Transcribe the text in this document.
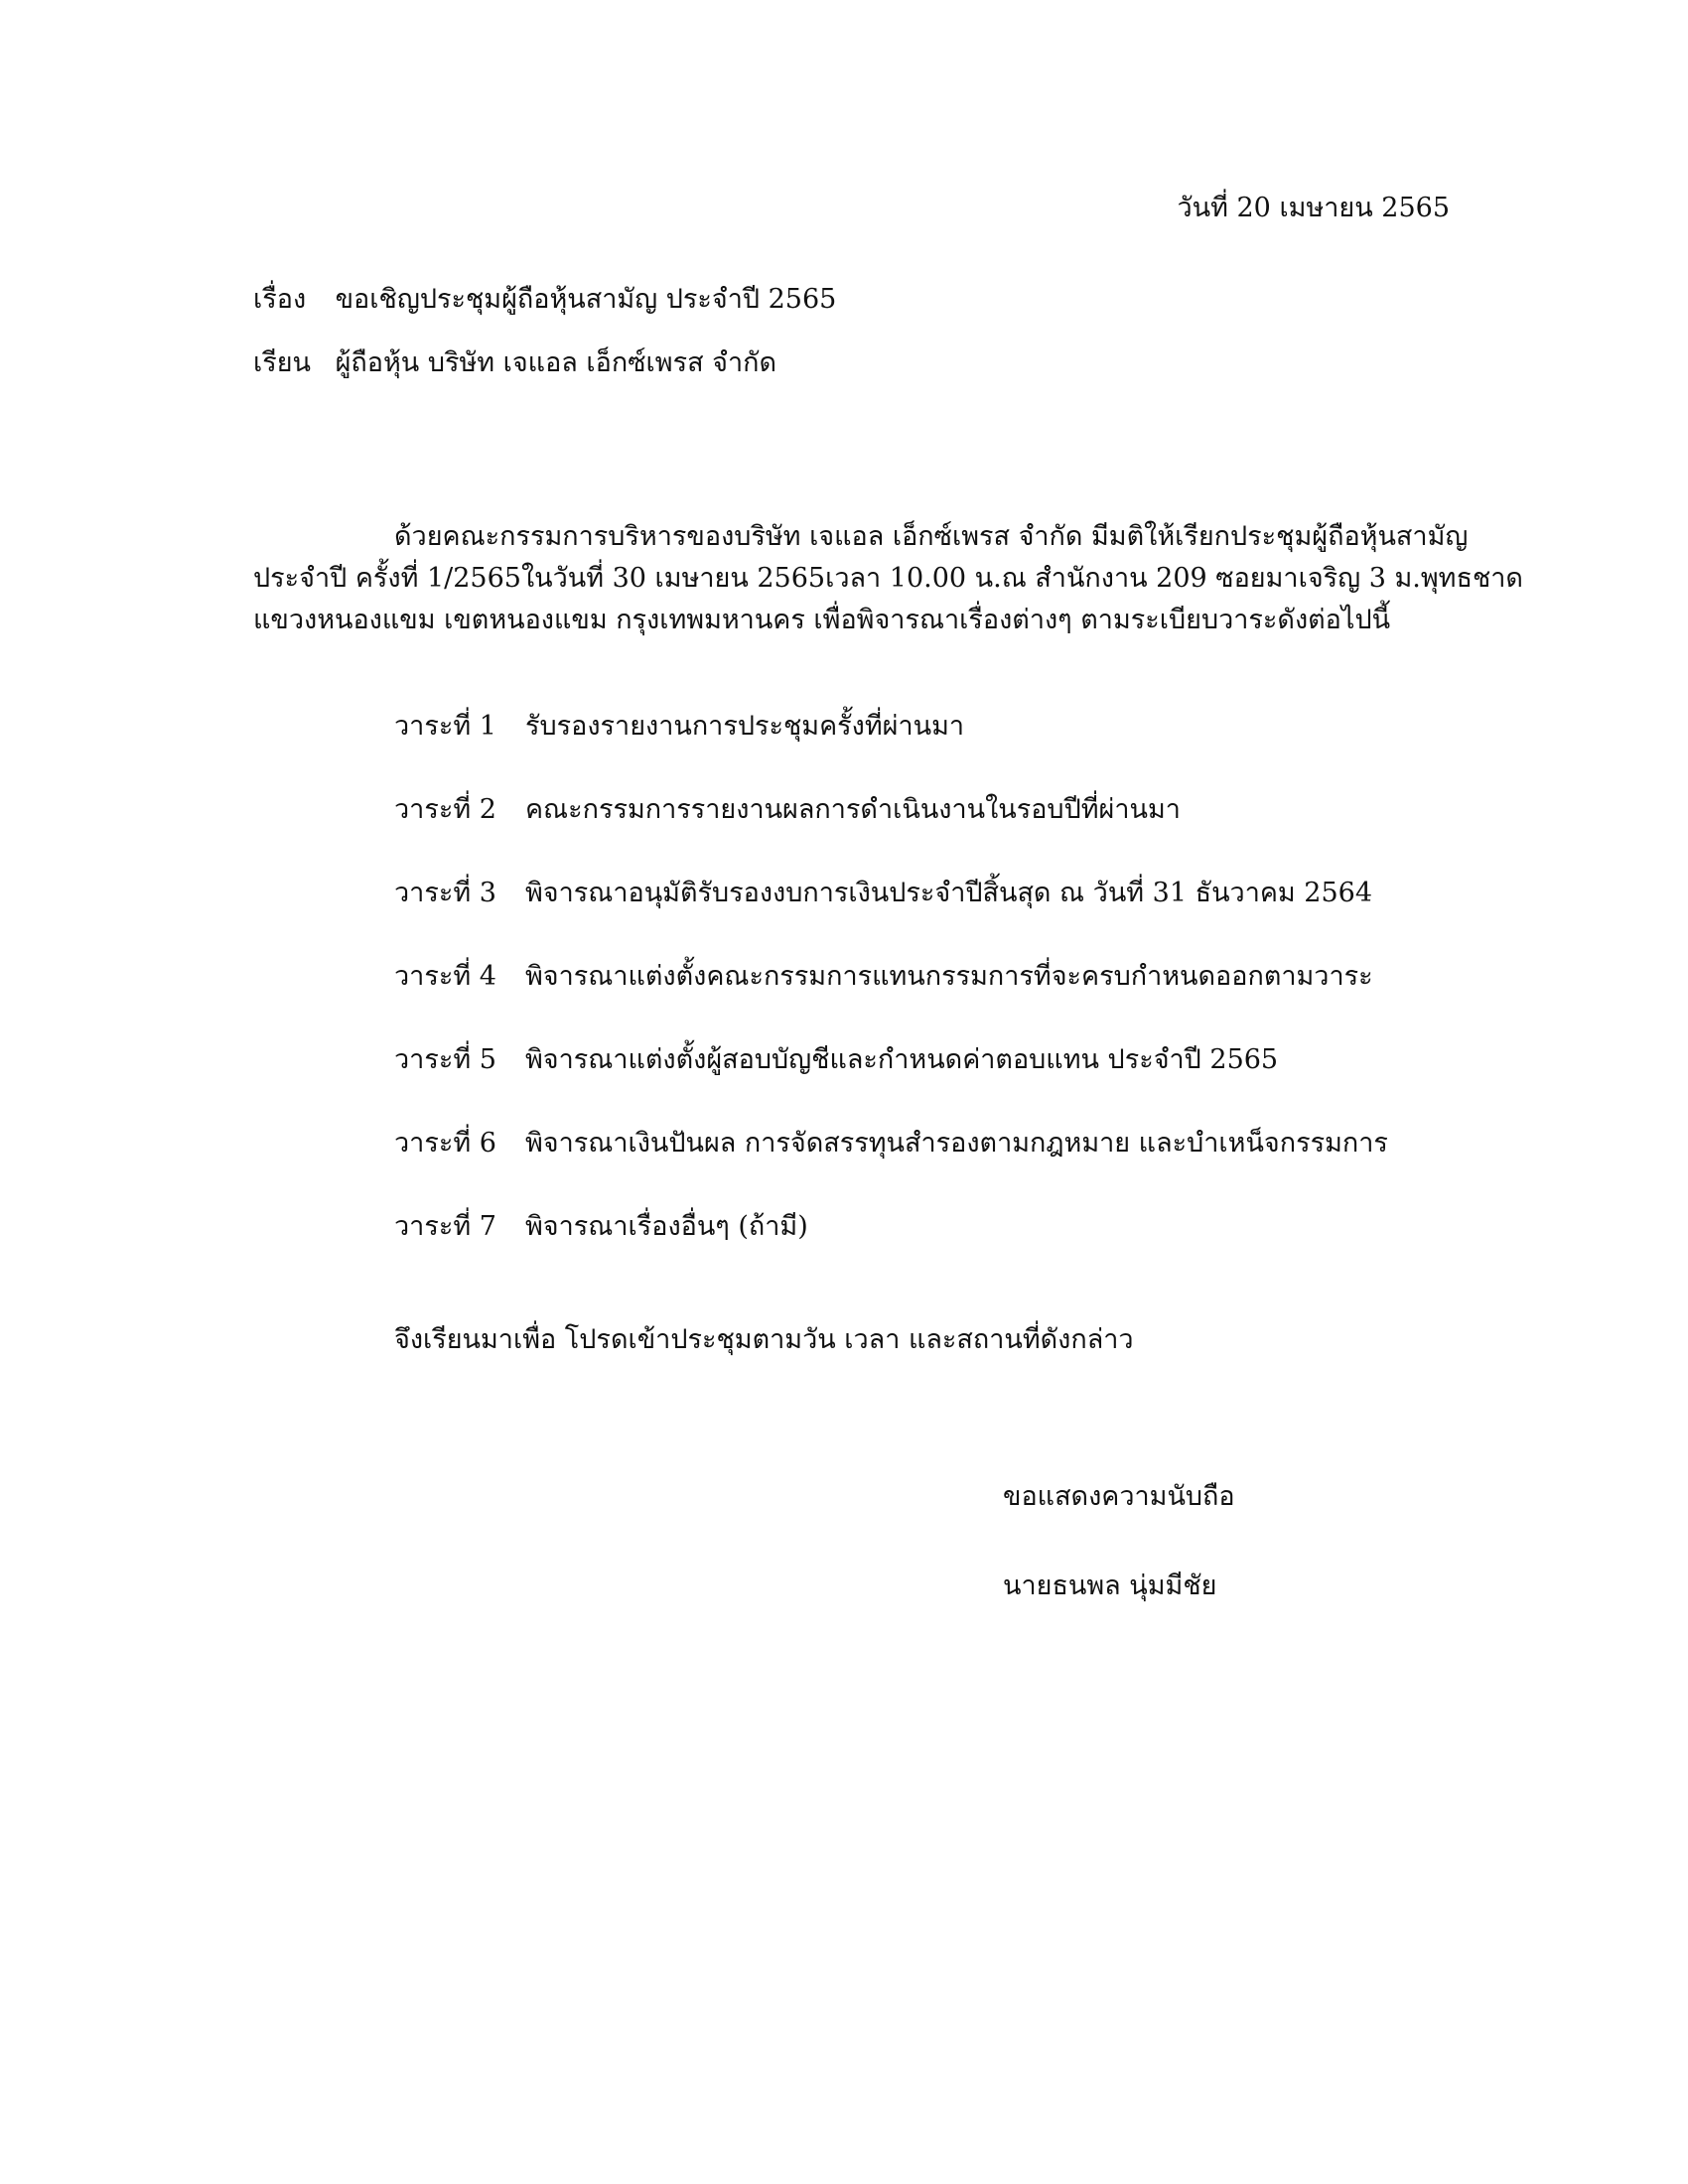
วันที่ 20 เมษายน 2565
เรื่อง ขอเชิญประชุมผู้ถือหุ้นสามัญ ประจำปี 2565
เรียน ผู้ถือหุ้น บริษัท เจแอล เอ็กซ์เพรส จำกัด
ด้วยคณะกรรมการบริหารของบริษัท เจแอล เอ็กซ์เพรส จำกัด มีมติให้เรียกประชุมผู้ถือหุ้นสามัญ
ประจำปี ครั้งที่ 1/2565ในวันที่ 30 เมษายน 2565เวลา 10.00 น.ณ สำนักงาน 209 ซอยมาเจริญ 3 ม.พุทธชาด
แขวงหนองแขม เขตหนองแขม กรุงเทพมหานคร เพื่อพิจารณาเรื่องต่างๆ ตามระเบียบวาระดังต่อไปนี้
วาระที่ 1 รับรองรายงานการประชุมครั้งที่ผ่านมา
วาระที่ 2 คณะกรรมการรายงานผลการดำเนินงานในรอบปีที่ผ่านมา
วาระที่ 3 พิจารณาอนุมัติรับรองงบการเงินประจำปีสิ้นสุด ณ วันที่ 31 ธันวาคม 2564
วาระที่ 4 พิจารณาแต่งตั้งคณะกรรมการแทนกรรมการที่จะครบกำหนดออกตามวาระ
วาระที่ 5 พิจารณาแต่งตั้งผู้สอบบัญชีและกำหนดค่าตอบแทน ประจำปี 2565
วาระที่ 6 พิจารณาเงินปันผล การจัดสรรทุนสำรองตามกฎหมาย และบำเหน็จกรรมการ
วาระที่ 7 พิจารณาเรื่องอื่นๆ (ถ้ามี)
จึงเรียนมาเพื่อ โปรดเข้าประชุมตามวัน เวลา และสถานที่ดังกล่าว
ขอแสดงความนับถือ
นายธนพล นุ่มมีชัย
